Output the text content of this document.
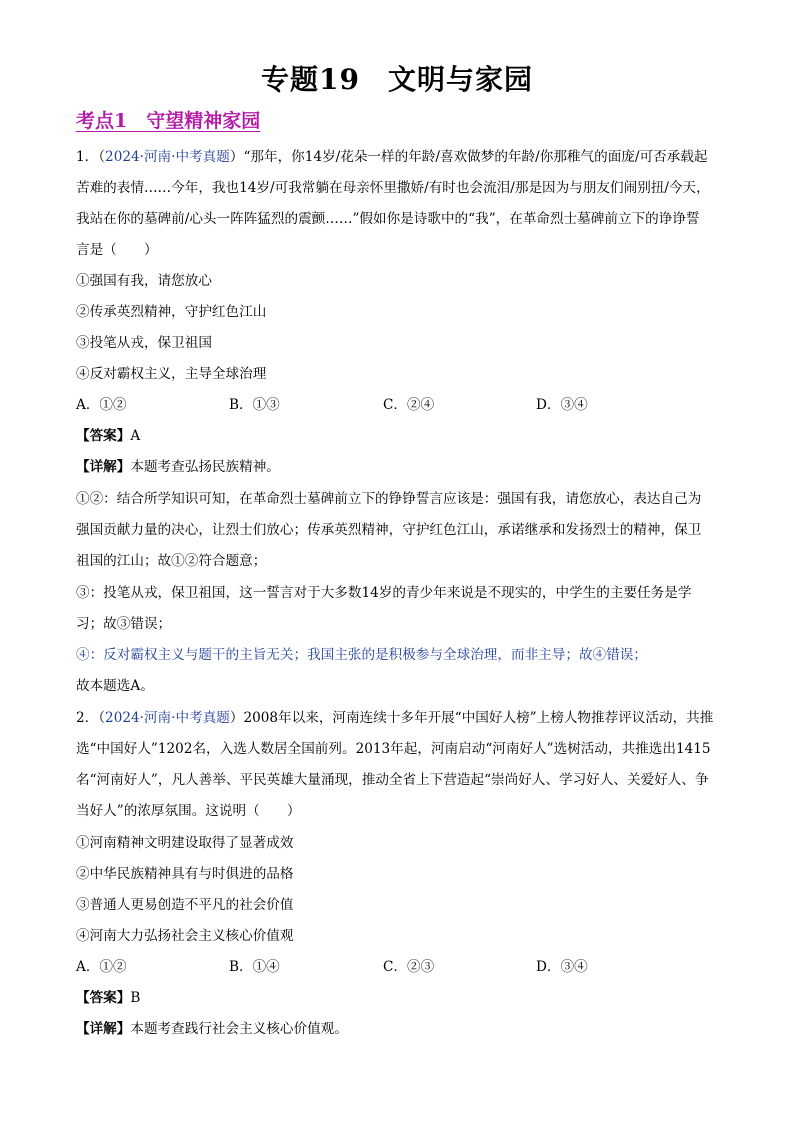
专题19 文明与家园
考点1　守望精神家园
1．（2024·河南·中考真题）“那年，你14岁/花朵一样的年龄/喜欢做梦的年龄/你那稚气的面庞/可否承载起
苦难的表情……今年，我也14岁/可我常躺在母亲怀里撒娇/有时也会流泪/那是因为与朋友们闹别扭/今天，
我站在你的墓碑前/心头一阵阵猛烈的震颤……”假如你是诗歌中的“我”，在革命烈士墓碑前立下的诤诤誓
言是（　　）
①强国有我，请您放心
②传承英烈精神，守护红色江山
③投笔从戎，保卫祖国
④反对霸权主义，主导全球治理
A．①②	B．①③	C．②④	D．③④
【答案】A
【详解】本题考查弘扬民族精神。
①②：结合所学知识可知，在革命烈士墓碑前立下的铮铮誓言应该是：强国有我，请您放心，表达自己为
强国贡献力量的决心，让烈士们放心；传承英烈精神，守护红色江山，承诺继承和发扬烈士的精神，保卫
祖国的江山；故①②符合题意；
③：投笔从戎，保卫祖国，这一誓言对于大多数14岁的青少年来说是不现实的，中学生的主要任务是学
习；故③错误；
④：反对霸权主义与题干的主旨无关；我国主张的是积极参与全球治理，而非主导；故④错误；
故本题选A。
2．（2024·河南·中考真题）2008年以来，河南连续十多年开展“中国好人榜”上榜人物推荐评议活动，共推
选“中国好人”1202名，入选人数居全国前列。2013年起，河南启动“河南好人”选树活动，共推选出1415
名“河南好人”，凡人善举、平民英雄大量涌现，推动全省上下营造起“崇尚好人、学习好人、关爱好人、争
当好人”的浓厚氛围。这说明（　　）
①河南精神文明建设取得了显著成效
②中华民族精神具有与时俱进的品格
③普通人更易创造不平凡的社会价值
④河南大力弘扬社会主义核心价值观
A．①②	B．①④	C．②③	D．③④
【答案】B
【详解】本题考查践行社会主义核心价值观。
